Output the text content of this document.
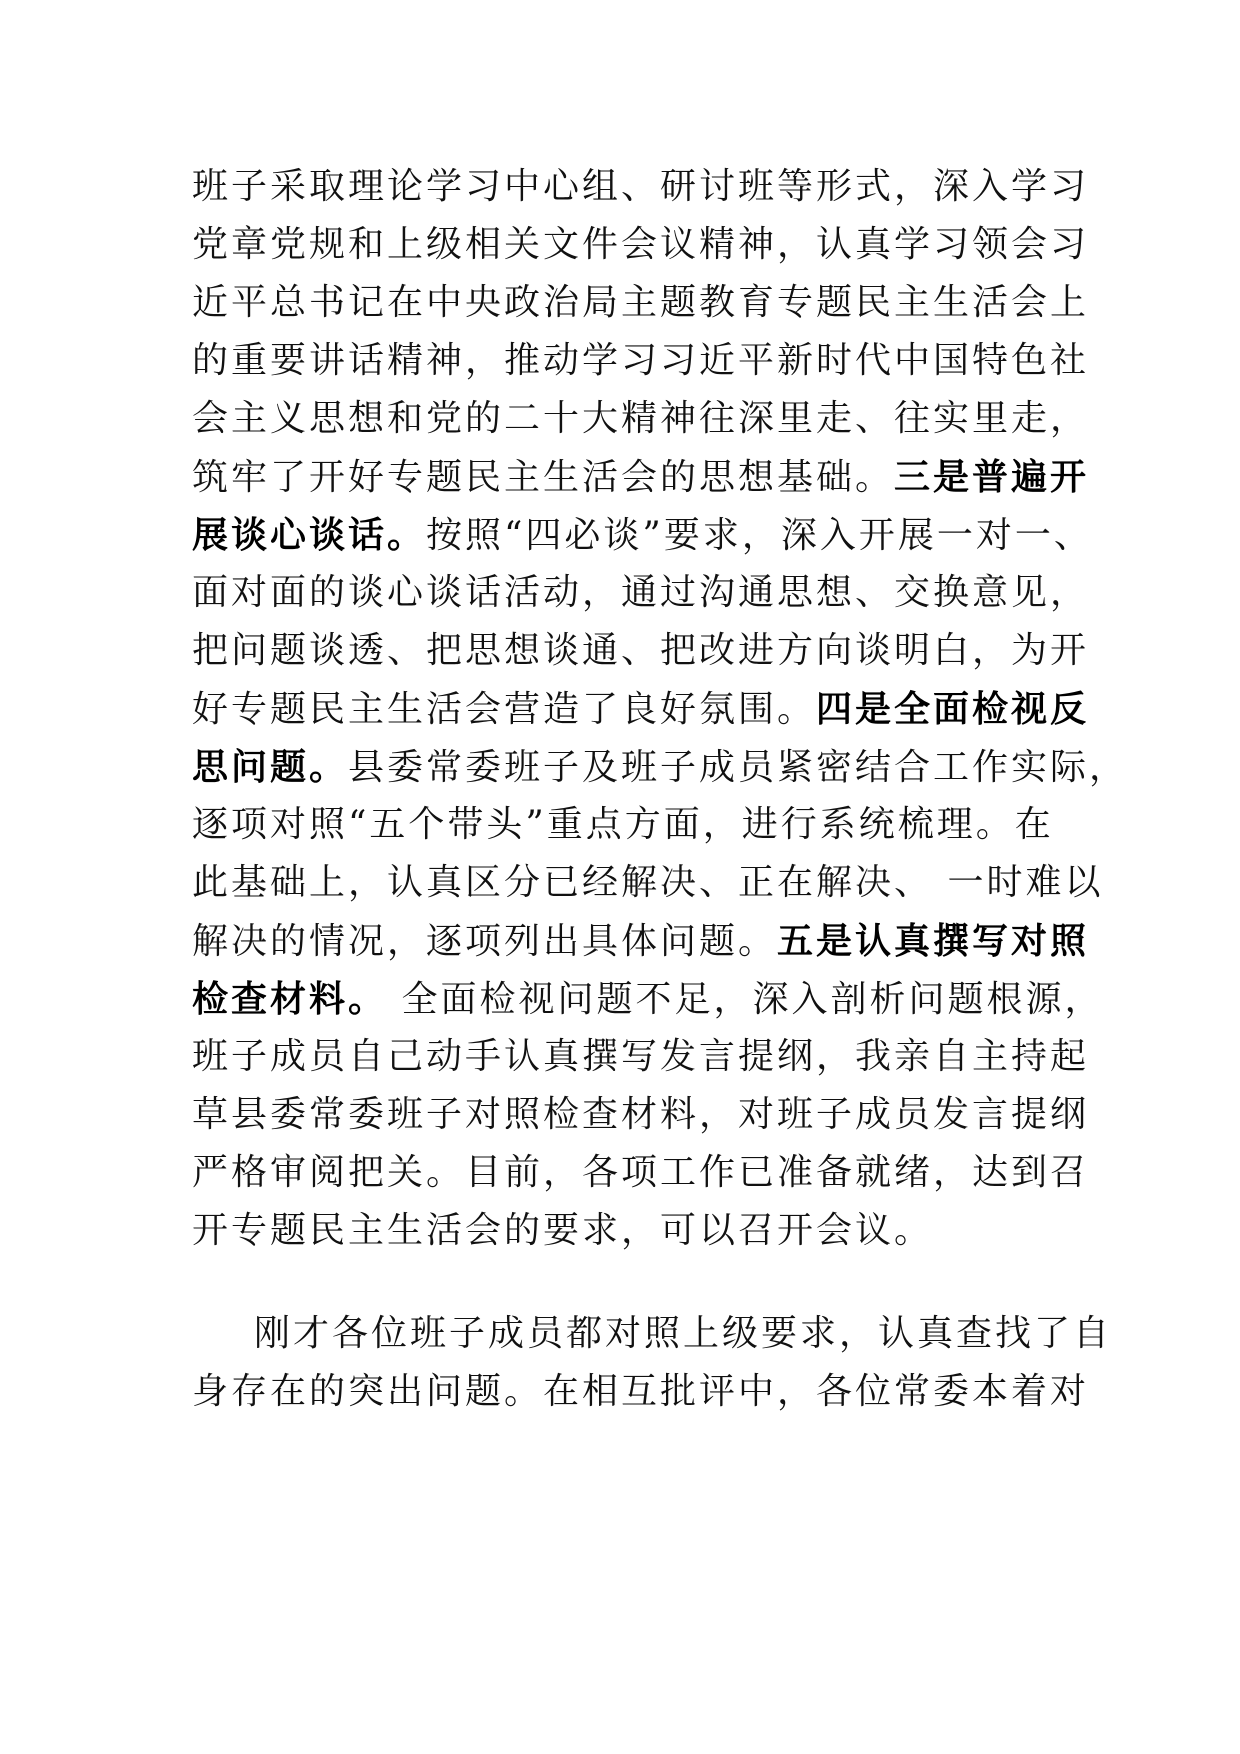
班子采取理论学习中心组、研讨班等形式，深入学习
党章党规和上级相关文件会议精神，认真学习领会习
近平总书记在中央政治局主题教育专题民主生活会上
的重要讲话精神，推动学习习近平新时代中国特色社
会主义思想和党的二十大精神往深里走、往实里走，
筑牢了开好专题民主生活会的思想基础。三是普遍开
展谈心谈话。按照“四必谈”要求，深入开展一对一、
面对面的谈心谈话活动，通过沟通思想、交换意见，
把问题谈透、把思想谈通、把改进方向谈明白，为开
好专题民主生活会营造了良好氛围。四是全面检视反
思问题。县委常委班子及班子成员紧密结合工作实际，
逐项对照“五个带头”重点方面，进行系统梳理。在
此基础上，认真区分已经解决、正在解决、 一时难以
解决的情况，逐项列出具体问题。五是认真撰写对照
检查材料。 全面检视问题不足，深入剖析问题根源，
班子成员自己动手认真撰写发言提纲，我亲自主持起
草县委常委班子对照检查材料，对班子成员发言提纲
严格审阅把关。目前，各项工作已准备就绪，达到召
开专题民主生活会的要求，可以召开会议。
刚才各位班子成员都对照上级要求，认真查找了自
身存在的突出问题。在相互批评中，各位常委本着对
